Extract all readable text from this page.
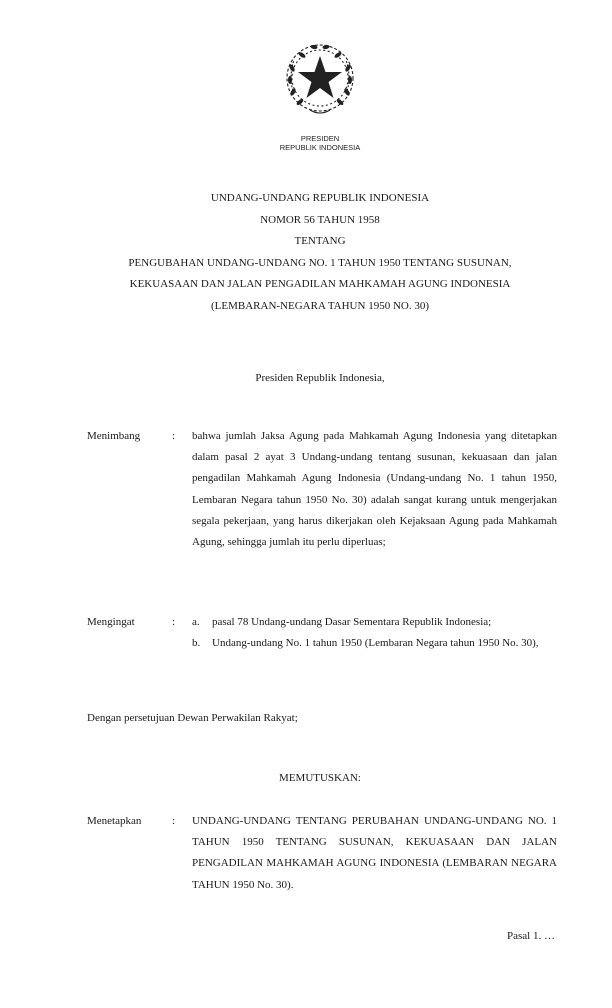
PRESIDEN
REPUBLIK INDONESIA
UNDANG-UNDANG REPUBLIK INDONESIA
NOMOR 56 TAHUN 1958
TENTANG
PENGUBAHAN UNDANG-UNDANG NO. 1 TAHUN 1950 TENTANG SUSUNAN,
KEKUASAAN DAN JALAN PENGADILAN MAHKAMAH AGUNG INDONESIA
(LEMBARAN-NEGARA TAHUN 1950 NO. 30)
Presiden Republik Indonesia,
Menimbang	: bahwa jumlah Jaksa Agung pada Mahkamah Agung Indonesia yang ditetapkan dalam pasal 2 ayat 3 Undang-undang tentang susunan, kekuasaan dan jalan pengadilan Mahkamah Agung Indonesia (Undang-undang No. 1 tahun 1950, Lembaran Negara tahun 1950 No. 30) adalah sangat kurang untuk mengerjakan segala pekerjaan, yang harus dikerjakan oleh Kejaksaan Agung pada Mahkamah Agung, sehingga jumlah itu perlu diperluas;
Mengingat	: a. pasal 78 Undang-undang Dasar Sementara Republik Indonesia;
b. Undang-undang No. 1 tahun 1950 (Lembaran Negara tahun 1950 No. 30),
Dengan persetujuan Dewan Perwakilan Rakyat;
MEMUTUSKAN:
Menetapkan	: UNDANG-UNDANG TENTANG PERUBAHAN UNDANG-UNDANG NO. 1 TAHUN 1950 TENTANG SUSUNAN, KEKUASAAN DAN JALAN PENGADILAN MAHKAMAH AGUNG INDONESIA (LEMBARAN NEGARA TAHUN 1950 No. 30).
Pasal 1. …
